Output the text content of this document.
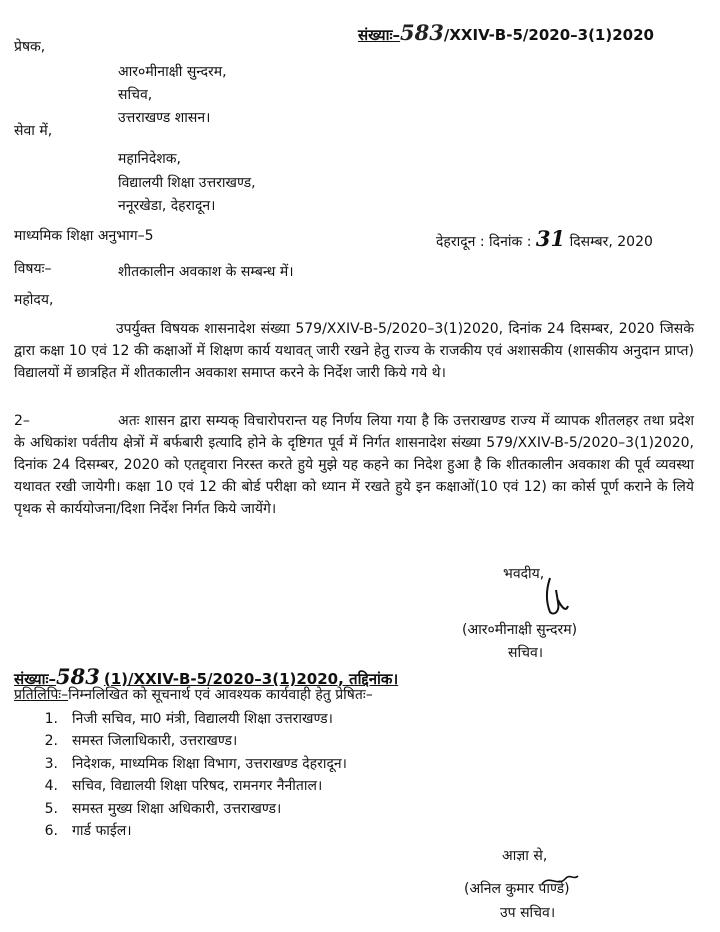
संख्याः–583/XXIV-B-5/2020–3(1)2020
प्रेषक,
आर०मीनाक्षी सुन्दरम,
सचिव,
उत्तराखण्ड शासन।
सेवा में,
महानिदेशक,
विद्यालयी शिक्षा उत्तराखण्ड,
ननूरखेडा, देहरादून।
माध्यमिक शिक्षा अनुभाग–5	देहरादून : दिनांक : 31 दिसम्बर, 2020
विषयः–	शीतकालीन अवकाश के सम्बन्ध में।
महोदय,
उपर्युक्त विषयक शासनादेश संख्या 579/XXIV-B-5/2020–3(1)2020, दिनांक 24 दिसम्बर, 2020 जिसके द्वारा कक्षा 10 एवं 12 की कक्षाओं में शिक्षण कार्य यथावत् जारी रखने हेतु राज्य के राजकीय एवं अशासकीय (शासकीय अनुदान प्राप्त) विद्यालयों में छात्रहित में शीतकालीन अवकाश समाप्त करने के निर्देश जारी किये गये थे।
2–	अतः शासन द्वारा सम्यक् विचारोपरान्त यह निर्णय लिया गया है कि उत्तराखण्ड राज्य में व्यापक शीतलहर तथा प्रदेश के अधिकांश पर्वतीय क्षेत्रों में बर्फबारी इत्यादि होने के दृष्टिगत पूर्व में निर्गत शासनादेश संख्या 579/XXIV-B-5/2020–3(1)2020, दिनांक 24 दिसम्बर, 2020 को एतद्द्वारा निरस्त करते हुये मुझे यह कहने का निदेश हुआ है कि शीतकालीन अवकाश की पूर्व व्यवस्था यथावत रखी जायेगी। कक्षा 10 एवं 12 की बोर्ड परीक्षा को ध्यान में रखते हुये इन कक्षाओं(10 एवं 12) का कोर्स पूर्ण कराने के लिये पृथक से कार्ययोजना/दिशा निर्देश निर्गत किये जायेंगे।
भवदीय,
(आर०मीनाक्षी सुन्दरम)
सचिव।
संख्याः–583 (1)/XXIV-B-5/2020–3(1)2020, तद्दिनांक।
प्रतिलिपिः–निम्नलिखित को सूचनार्थ एवं आवश्यक कार्यवाही हेतु प्रेषितः–
1. निजी सचिव, मा0 मंत्री, विद्यालयी शिक्षा उत्तराखण्ड।
2. समस्त जिलाधिकारी, उत्तराखण्ड।
3. निदेशक, माध्यमिक शिक्षा विभाग, उत्तराखण्ड देहरादून।
4. सचिव, विद्यालयी शिक्षा परिषद, रामनगर नैनीताल।
5. समस्त मुख्य शिक्षा अधिकारी, उत्तराखण्ड।
6. गार्ड फाईल।
आज्ञा से,
(अनिल कुमार पाण्डे)
उप सचिव।
